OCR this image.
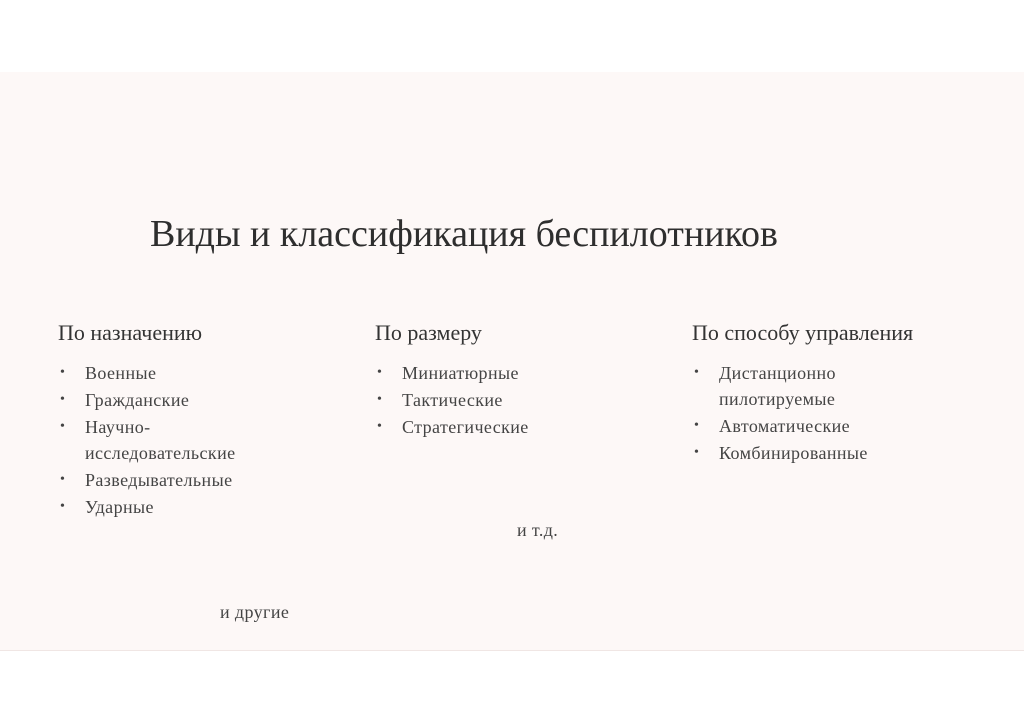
Виды и классификация беспилотников
По назначению
• Военные
• Гражданские
• Научно-исследовательские
• Разведывательные
• Ударные
и другие
По размеру
• Миниатюрные
• Тактические
• Стратегические
и т.д.
По способу управления
• Дистанционно пилотируемые
• Автоматические
• Комбинированные
